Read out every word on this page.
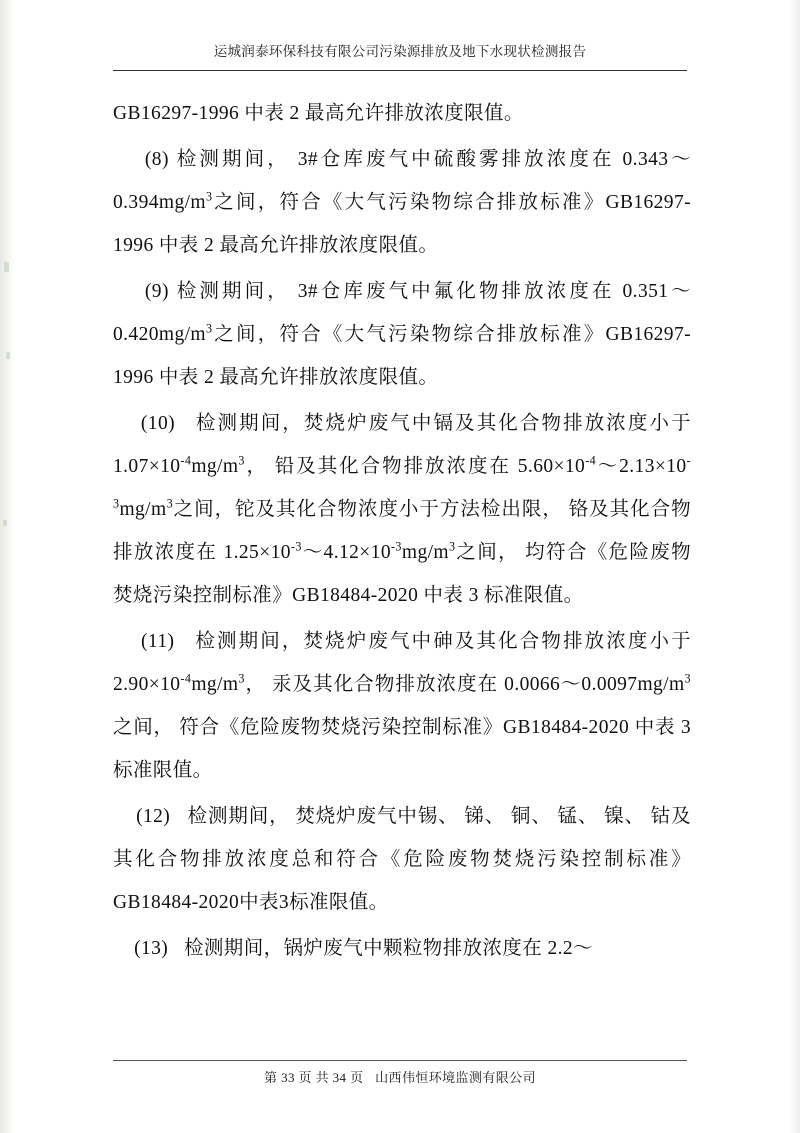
运城润泰环保科技有限公司污染源排放及地下水现状检测报告

GB16297-1996 中表 2 最高允许排放浓度限值。

(8) 检测期间， 3#仓库废气中硫酸雾排放浓度在 $0.343\sim 0.394mg/m^3$之间，符合《大气污染物综合排放标准》GB16297-1996 中表 2 最高允许排放浓度限值。

(9) 检测期间， 3#仓库废气中氟化物排放浓度在 $0.351\sim 0.420mg/m^3$之间，符合《大气污染物综合排放标准》GB16297-1996 中表 2 最高允许排放浓度限值。

(10)   检测期间，焚烧炉废气中镉及其化合物排放浓度小于 $1.07\times 10^{-4}mg/m^3$， 铅及其化合物排放浓度在 $5.60\times 10^{-4}\sim 2.13\times 10^{-3}mg/m^3$之间，铊及其化合物浓度小于方法检出限， 铬及其化合物排放浓度在 $1.25\times 10^{-3}\sim 4.12\times 10^{-3}mg/m^3$之间， 均符合《危险废物焚烧污染控制标准》GB18484-2020 中表 3 标准限值。

(11)   检测期间，焚烧炉废气中砷及其化合物排放浓度小于 $2.90\times 10^{-4}mg/m^3$， 汞及其化合物排放浓度在 $0.0066\sim 0.0097mg/m^3$之间， 符合《危险废物焚烧污染控制标准》GB18484-2020 中表 3 标准限值。

(12)   检测期间， 焚烧炉废气中锡、 锑、 铜、 锰、 镍、 钴及其化合物排放浓度总和符合《危险废物焚烧污染控制标准》GB18484-2020中表3标准限值。

(13)   检测期间，锅炉废气中颗粒物排放浓度在 2.2～

第 33 页 共 34 页 山西伟恒环境监测有限公司
